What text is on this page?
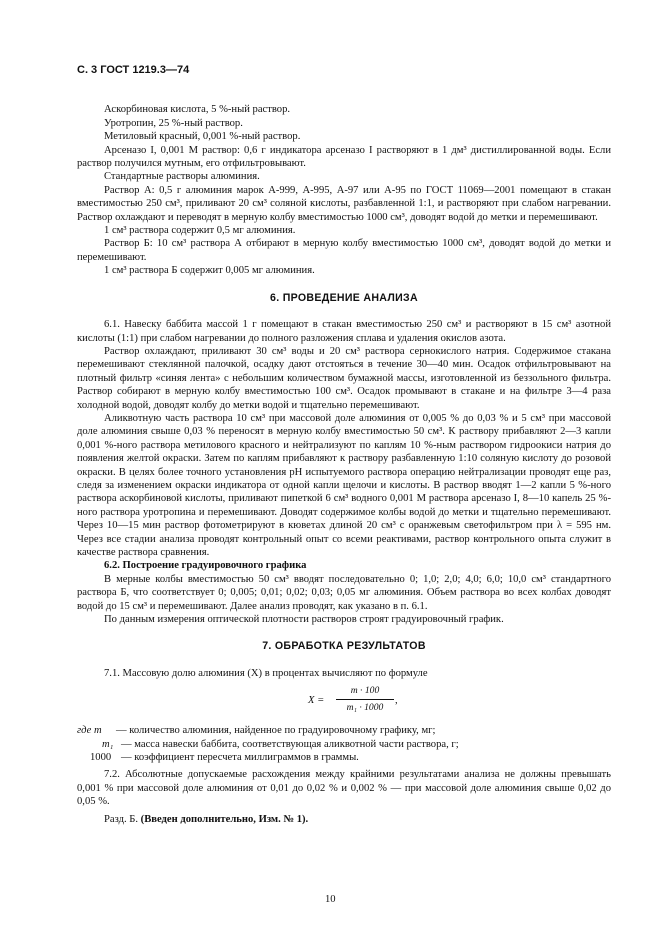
С. 3 ГОСТ 1219.3—74

Аскорбиновая кислота, 5 %-ный раствор.

Уротропин, 25 %-ный раствор.

Метиловый красный, 0,001 %-ный раствор.

Арсеназо I, 0,001 М раствор: 0,6 г индикатора арсеназо I растворяют в 1 дм³ дистиллированной воды. Если раствор получился мутным, его отфильтровывают.

Стандартные растворы алюминия.

Раствор А: 0,5 г алюминия марок А-999, А-995, А-97 или А-95 по ГОСТ 11069—2001 помещают в стакан вместимостью 250 см³, приливают 20 см³ соляной кислоты, разбавленной 1:1, и растворяют при слабом нагревании. Раствор охлаждают и переводят в мерную колбу вместимостью 1000 см³, доводят водой до метки и перемешивают.

1 см³ раствора содержит 0,5 мг алюминия.

Раствор Б: 10 см³ раствора А отбирают в мерную колбу вместимостью 1000 см³, доводят водой до метки и перемешивают.

1 см³ раствора Б содержит 0,005 мг алюминия.

6. ПРОВЕДЕНИЕ АНАЛИЗА

6.1. Навеску баббита массой 1 г помещают в стакан вместимостью 250 см³ и растворяют в 15 см³ азотной кислоты (1:1) при слабом нагревании до полного разложения сплава и удаления окислов азота.

Раствор охлаждают, приливают 30 см³ воды и 20 см³ раствора сернокислого натрия. Содержимое стакана перемешивают стеклянной палочкой, осадку дают отстояться в течение 30—40 мин. Осадок отфильтровывают на плотный фильтр «синяя лента» с небольшим количеством бумажной массы, изготовленной из беззольного фильтра. Раствор собирают в мерную колбу вместимостью 100 см³. Осадок промывают в стакане и на фильтре 3—4 раза холодной водой, доводят колбу до метки водой и тщательно перемешивают.

Аликвотную часть раствора 10 см³ при массовой доле алюминия от 0,005 % до 0,03 % и 5 см³ при массовой доле алюминия свыше 0,03 % переносят в мерную колбу вместимостью 50 см³. К раствору прибавляют 2—3 капли 0,001 %-ного раствора метилового красного и нейтрализуют по каплям 10 %-ным раствором гидроокиси натрия до появления желтой окраски. Затем по каплям прибавляют к раствору разбавленную 1:10 соляную кислоту до розовой окраски. В целях более точного установления pH испытуемого раствора операцию нейтрализации проводят еще раз, следя за изменением окраски индикатора от одной капли щелочи и кислоты. В раствор вводят 1—2 капли 5 %-ного раствора аскорбиновой кислоты, приливают пипеткой 6 см³ водного 0,001 М раствора арсеназо I, 8—10 капель 25 %-ного раствора уротропина и перемешивают. Доводят содержимое колбы водой до метки и тщательно перемешивают. Через 10—15 мин раствор фотометрируют в кюветах длиной 20 см³ с оранжевым светофильтром при λ = 595 нм. Через все стадии анализа проводят контрольный опыт со всеми реактивами, раствор контрольного опыта служит в качестве раствора сравнения.

6.2. Построение градуировочного графика

В мерные колбы вместимостью 50 см³ вводят последовательно 0; 1,0; 2,0; 4,0; 6,0; 10,0 см³ стандартного раствора Б, что соответствует 0; 0,005; 0,01; 0,02; 0,03; 0,05 мг алюминия. Объем раствора во всех колбах доводят водой до 15 см³ и перемешивают. Далее анализ проводят, как указано в п. 6.1.

По данным измерения оптической плотности растворов строят градуировочный график.

7. ОБРАБОТКА РЕЗУЛЬТАТОВ

7.1. Массовую долю алюминия (X) в процентах вычисляют по формуле

$X = \frac{m \cdot 100}{\text{m₁ · 1000}}$ ,
где m — количество алюминия, найденное по градуировочному графику, мг;
m₁ — масса навески баббита, соответствующая аликвотной части раствора, г;
1000 — коэффициент пересчета миллиграммов в граммы.

7.2. Абсолютные допускаемые расхождения между крайними результатами анализа не должны превышать 0,001 % при массовой доле алюминия от 0,01 до 0,02 % и 0,002 % — при массовой доле алюминия свыше 0,02 до 0,05 %.

Разд. Б. (Введен дополнительно, Изм. № 1).

10
